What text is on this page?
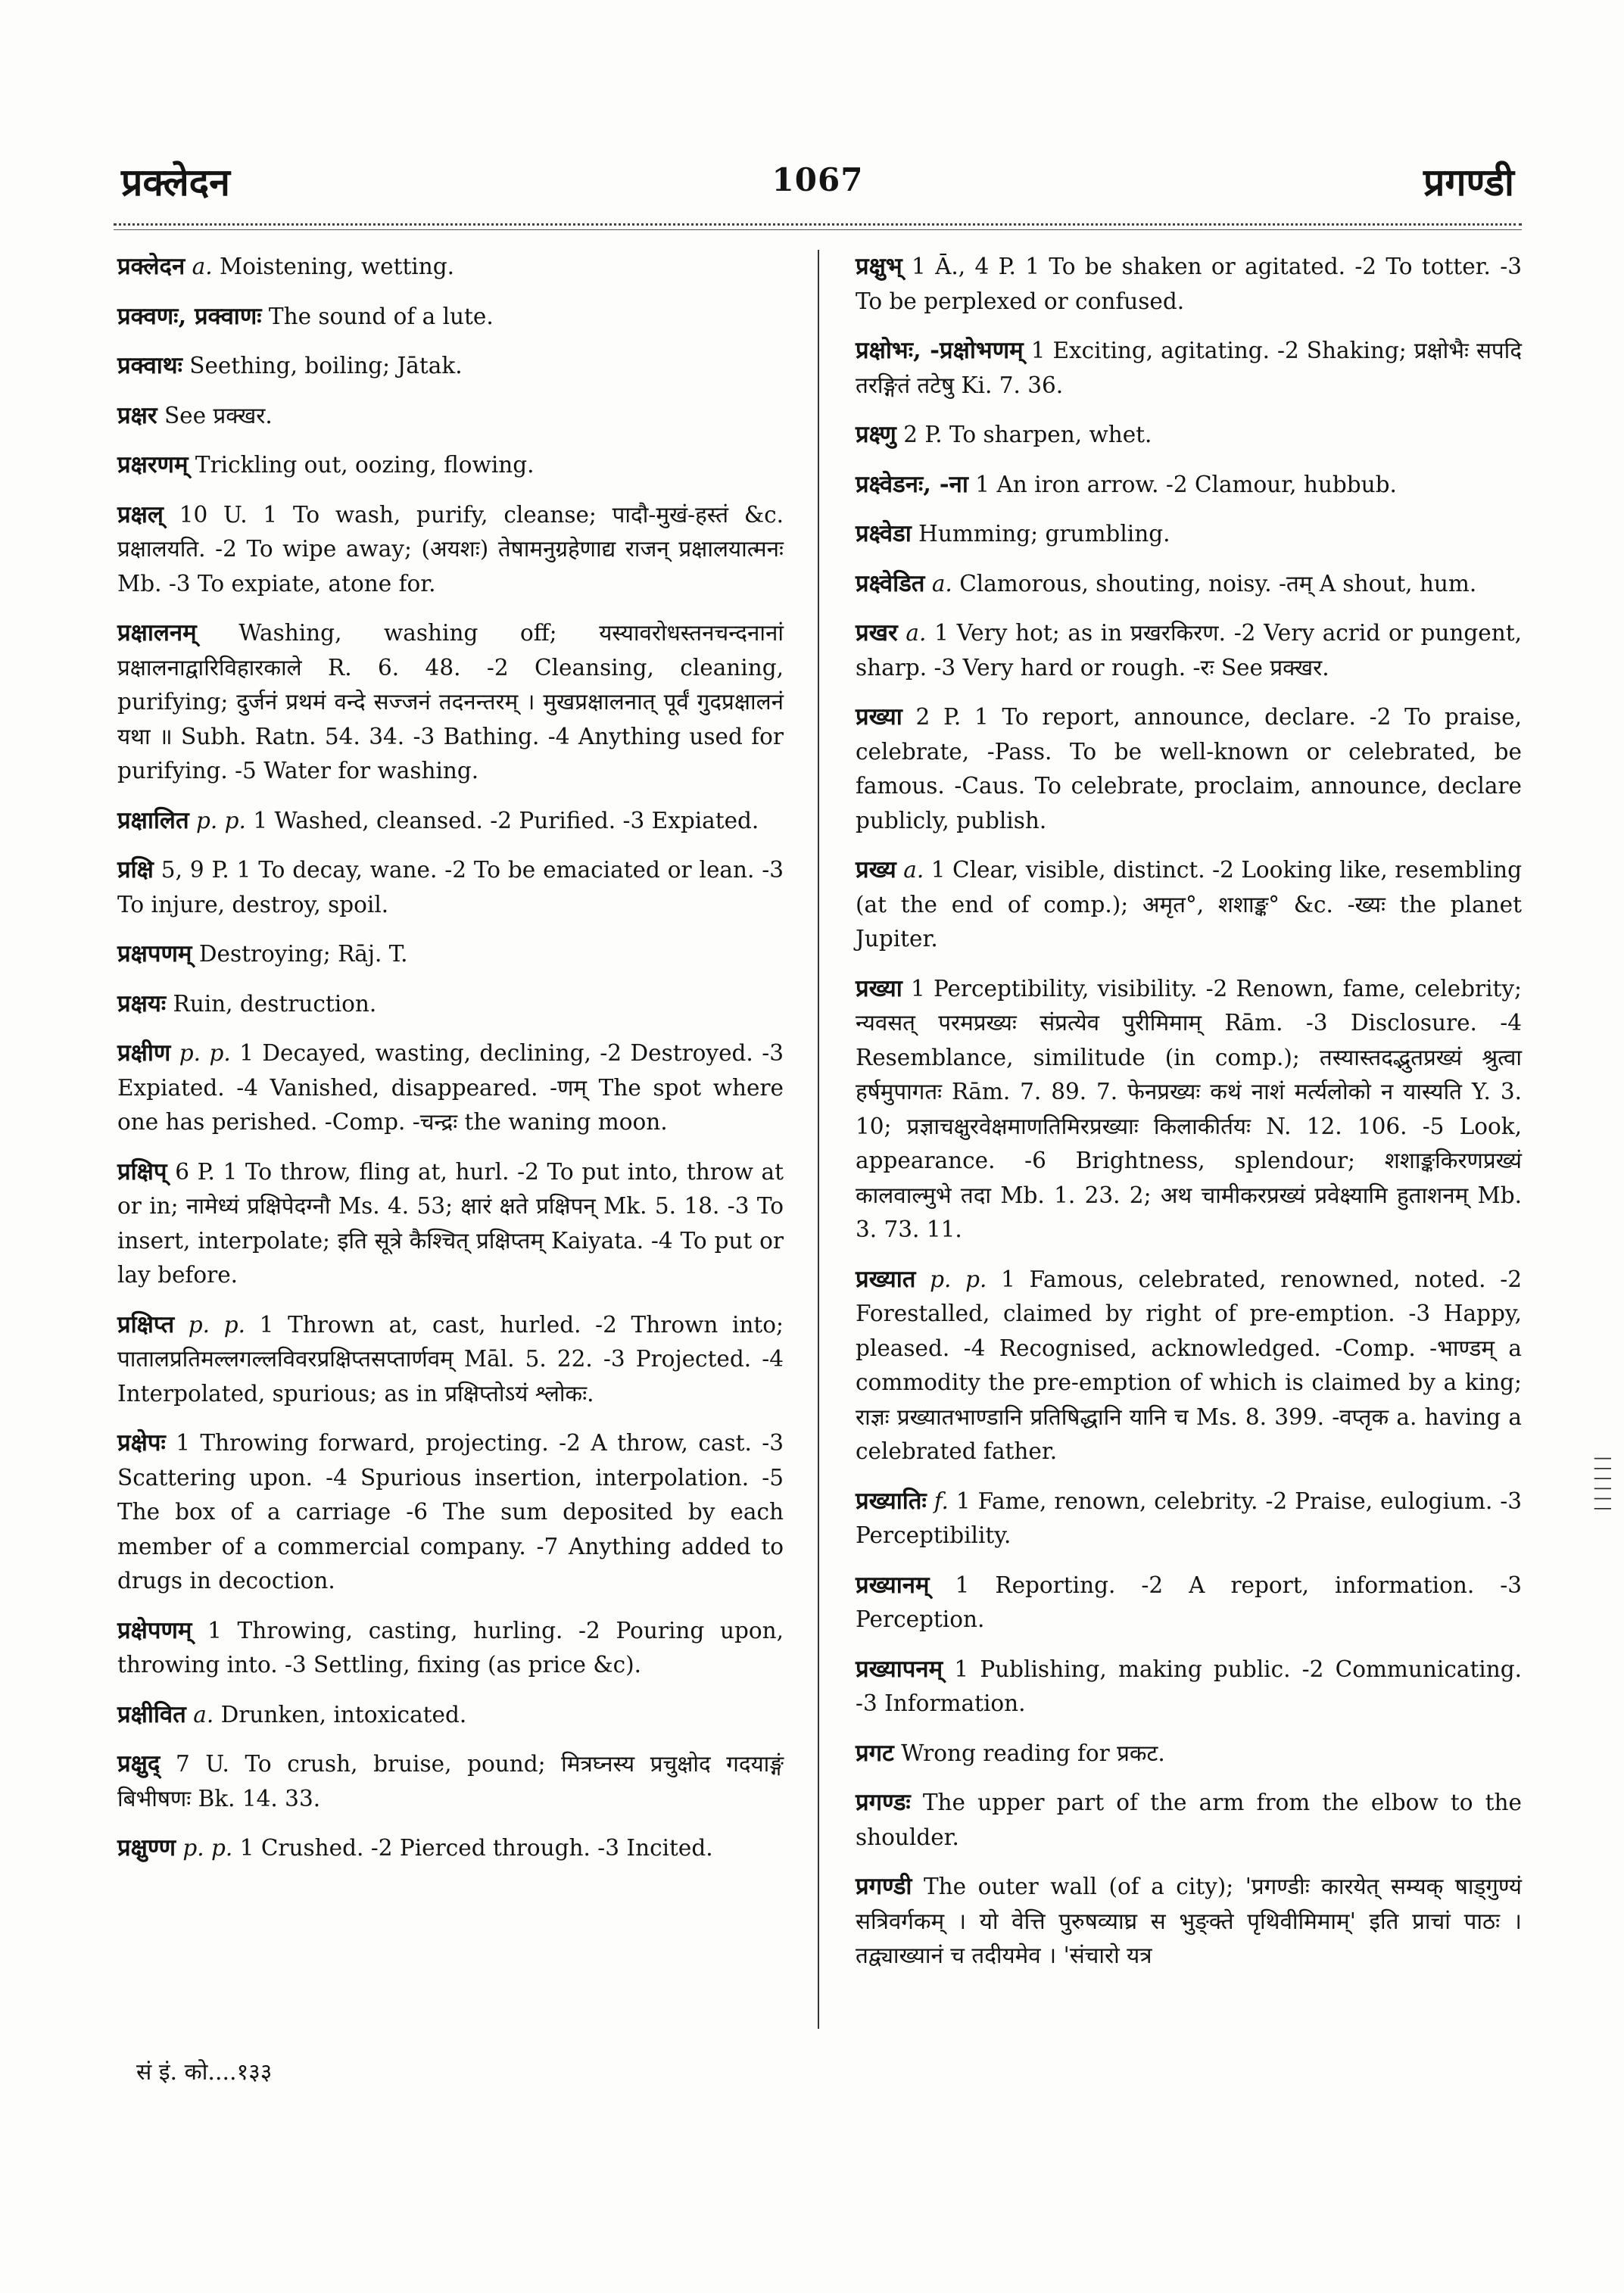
प्रक्लेदन	1067	प्रगण्डी

प्रक्लेदन a. Moistening, wetting.

प्रक्वणः, प्रक्वाणः The sound of a lute.

प्रक्वाथः Seething, boiling; Jātak.

प्रक्षर See प्रक्खर.

प्रक्षरणम् Trickling out, oozing, flowing.

प्रक्षल् 10 U. 1 To wash, purify, cleanse; पादौ-मुखं-हस्तं &c. प्रक्षालयति. -2 To wipe away; (अयशः) तेषामनुग्रहेणाद्य राजन् प्रक्षालयात्मनः Mb. -3 To expiate, atone for.

प्रक्षालनम् Washing, washing off; यस्यावरोधस्तनचन्दनानां प्रक्षालनाद्वारिविहारकाले R. 6. 48. -2 Cleansing, cleaning, purifying; दुर्जनं प्रथमं वन्दे सज्जनं तदनन्तरम् । मुखप्रक्षालनात् पूर्वं गुदप्रक्षालनं यथा ॥ Subh. Ratn. 54. 34. -3 Bathing. -4 Anything used for purifying. -5 Water for washing.

प्रक्षालित p. p. 1 Washed, cleansed. -2 Purified. -3 Expiated.

प्रक्षि 5, 9 P. 1 To decay, wane. -2 To be emaciated or lean. -3 To injure, destroy, spoil.

प्रक्षपणम् Destroying; Rāj. T.

प्रक्षयः Ruin, destruction.

प्रक्षीण p. p. 1 Decayed, wasting, declining, -2 Destroyed. -3 Expiated. -4 Vanished, disappeared. -णम् The spot where one has perished. -Comp. -चन्द्रः the waning moon.

प्रक्षिप् 6 P. 1 To throw, fling at, hurl. -2 To put into, throw at or in; नामेध्यं प्रक्षिपेदग्नौ Ms. 4. 53; क्षारं क्षते प्रक्षिपन् Mk. 5. 18. -3 To insert, interpolate; इति सूत्रे कैश्चित् प्रक्षिप्तम् Kaiyata. -4 To put or lay before.

प्रक्षिप्त p. p. 1 Thrown at, cast, hurled. -2 Thrown into; पातालप्रतिमल्लगल्लविवरप्रक्षिप्तसप्तार्णवम् Māl. 5. 22. -3 Projected. -4 Interpolated, spurious; as in प्रक्षिप्तोऽयं श्लोकः.

प्रक्षेपः 1 Throwing forward, projecting. -2 A throw, cast. -3 Scattering upon. -4 Spurious insertion, interpolation. -5 The box of a carriage -6 The sum deposited by each member of a commercial company. -7 Anything added to drugs in decoction.

प्रक्षेपणम् 1 Throwing, casting, hurling. -2 Pouring upon, throwing into. -3 Settling, fixing (as price &c).

प्रक्षीवित a. Drunken, intoxicated.

प्रक्षुद् 7 U. To crush, bruise, pound; मित्रघ्नस्य प्रचुक्षोद गदयाङ्गं बिभीषणः Bk. 14. 33.

प्रक्षुण्ण p. p. 1 Crushed. -2 Pierced through. -3 Incited.

प्रक्षुभ् 1 Ā., 4 P. 1 To be shaken or agitated. -2 To totter. -3 To be perplexed or confused.

प्रक्षोभः, -प्रक्षोभणम् 1 Exciting, agitating. -2 Shaking; प्रक्षोभैः सपदि तरङ्गितं तटेषु Ki. 7. 36.

प्रक्ष्णु 2 P. To sharpen, whet.

प्रक्ष्वेडनः, -ना 1 An iron arrow. -2 Clamour, hubbub.

प्रक्ष्वेडा Humming; grumbling.

प्रक्ष्वेडित a. Clamorous, shouting, noisy. -तम् A shout, hum.

प्रखर a. 1 Very hot; as in प्रखरकिरण. -2 Very acrid or pungent, sharp. -3 Very hard or rough. -रः See प्रक्खर.

प्रख्या 2 P. 1 To report, announce, declare. -2 To praise, celebrate, -Pass. To be well-known or celebrated, be famous. -Caus. To celebrate, proclaim, announce, declare publicly, publish.

प्रख्य a. 1 Clear, visible, distinct. -2 Looking like, resembling (at the end of comp.); अमृत°, शशाङ्क° &c. -ख्यः the planet Jupiter.

प्रख्या 1 Perceptibility, visibility. -2 Renown, fame, celebrity; न्यवसत् परमप्रख्यः संप्रत्येव पुरीमिमाम् Rām. -3 Disclosure. -4 Resemblance, similitude (in comp.); तस्यास्तदद्भुतप्रख्यं श्रुत्वा हर्षमुपागतः Rām. 7. 89. 7. फेनप्रख्यः कथं नाशं मर्त्यलोको न यास्यति Y. 3. 10; प्रज्ञाचक्षुरवेक्षमाणतिमिरप्रख्याः किलाकीर्तयः N. 12. 106. -5 Look, appearance. -6 Brightness, splendour; शशाङ्ककिरणप्रख्यं कालवाल्मुभे तदा Mb. 1. 23. 2; अथ चामीकरप्रख्यं प्रवेक्ष्यामि हुताशनम् Mb. 3. 73. 11.

प्रख्यात p. p. 1 Famous, celebrated, renowned, noted. -2 Forestalled, claimed by right of pre-emption. -3 Happy, pleased. -4 Recognised, acknowledged. -Comp. -भाण्डम् a commodity the pre-emption of which is claimed by a king; राज्ञः प्रख्यातभाण्डानि प्रतिषिद्धानि यानि च Ms. 8. 399. -वप्तृक a. having a celebrated father.

प्रख्यातिः f. 1 Fame, renown, celebrity. -2 Praise, eulogium. -3 Perceptibility.

प्रख्यानम् 1 Reporting. -2 A report, information. -3 Perception.

प्रख्यापनम् 1 Publishing, making public. -2 Communicating. -3 Information.

प्रगट Wrong reading for प्रकट.

प्रगण्डः The upper part of the arm from the elbow to the shoulder.

प्रगण्डी The outer wall (of a city); 'प्रगण्डीः कारयेत् सम्यक् षाड्गुण्यं सत्रिवर्गकम् । यो वेत्ति पुरुषव्याघ्र स भुङ्क्ते पृथिवीमिमाम्' इति प्राचां पाठः । तद्व्याख्यानं च तदीयमेव । 'संचारो यत्र

सं इं. को....१३३
||||||
